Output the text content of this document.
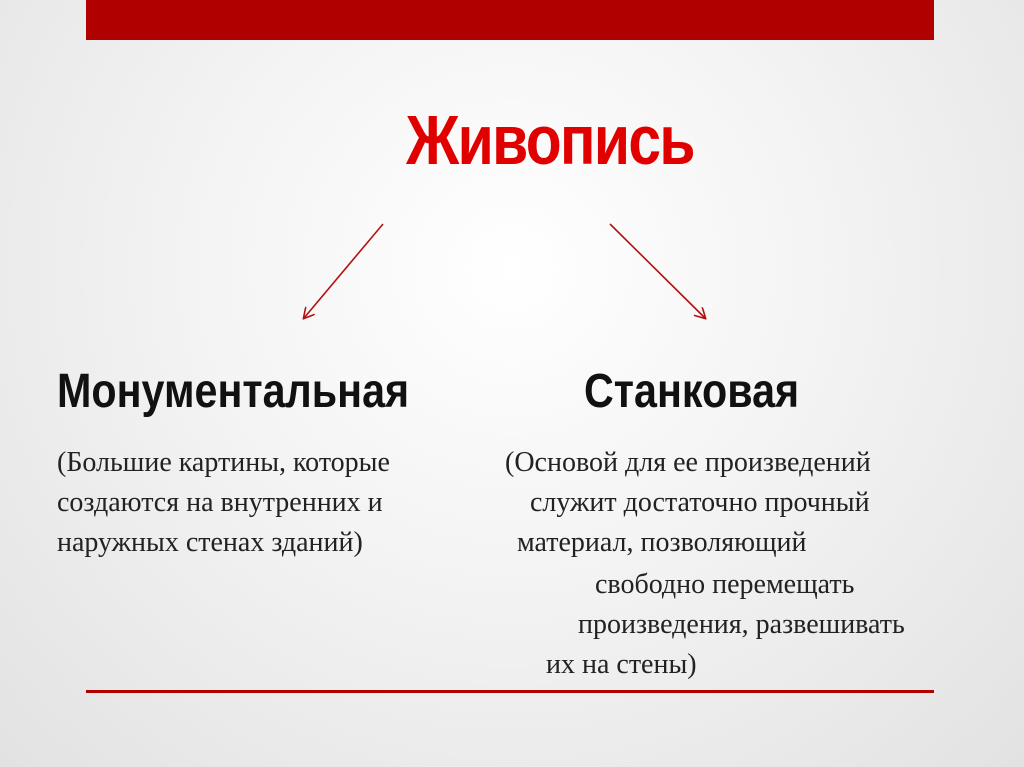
Живопись
Монументальная	Станковая
(Большие картины, которые
создаются на внутренних и
наружных стенах зданий)
(Основой для ее произведений
служит достаточно прочный
материал, позволяющий
свободно перемещать
произведения, развешивать
их на стены)
